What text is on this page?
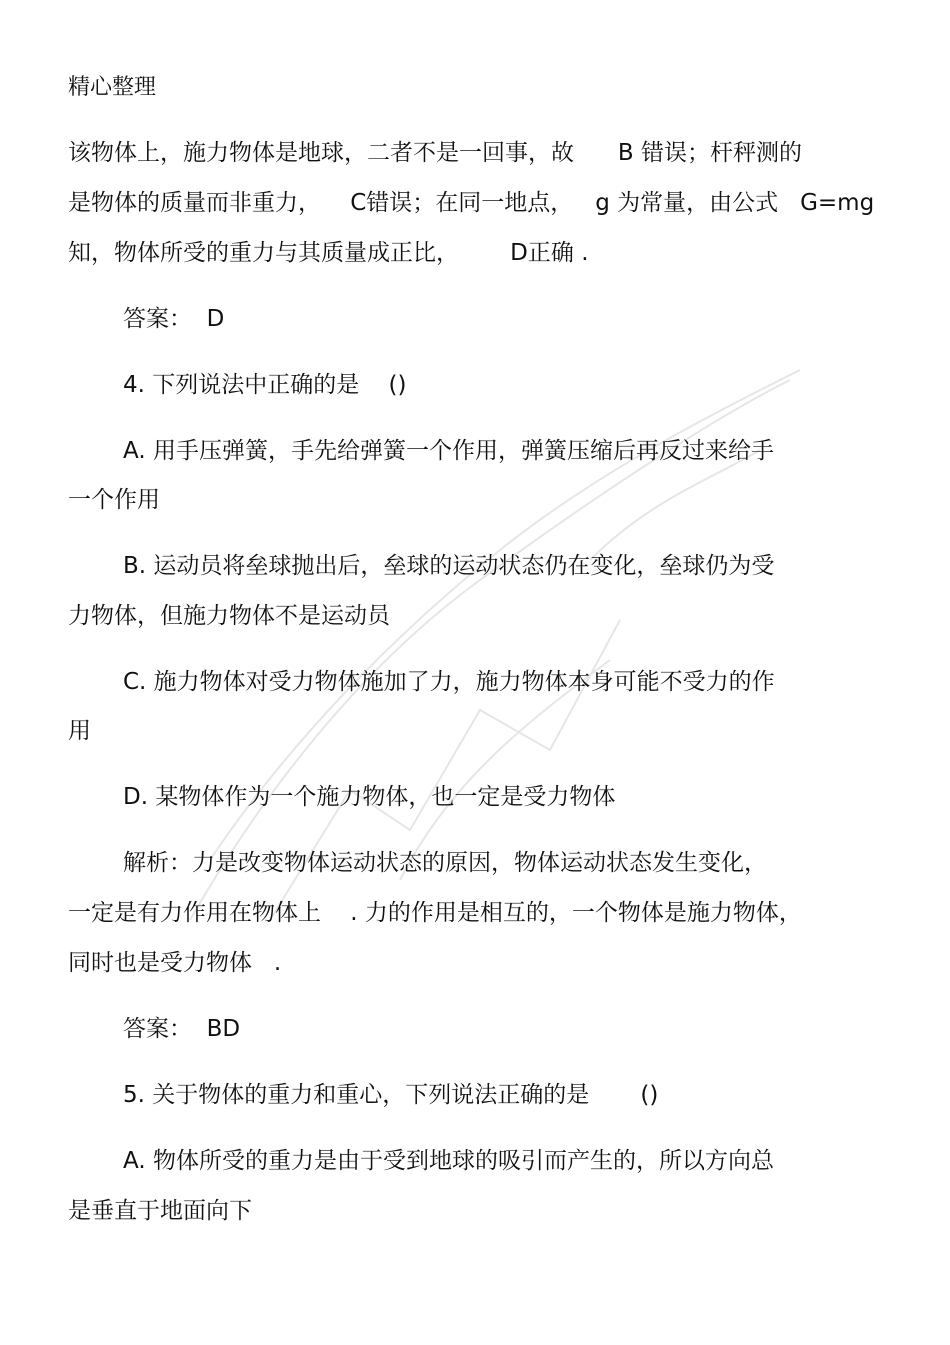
精心整理
该物体上，施力物体是地球，二者不是一回事，故      B 错误；杆秤测的
是物体的质量而非重力，    C错误；在同一地点，   g 为常量，由公式   G=mg
知，物体所受的重力与其质量成正比，       D正确 .
答案：  D
4. 下列说法中正确的是    ()
A. 用手压弹簧，手先给弹簧一个作用，弹簧压缩后再反过来给手
一个作用
B. 运动员将垒球抛出后，垒球的运动状态仍在变化，垒球仍为受
力物体，但施力物体不是运动员
C. 施力物体对受力物体施加了力，施力物体本身可能不受力的作
用
D. 某物体作为一个施力物体，也一定是受力物体
解析：力是改变物体运动状态的原因，物体运动状态发生变化，
一定是有力作用在物体上    . 力的作用是相互的，一个物体是施力物体，
同时也是受力物体   .
答案：  BD
5. 关于物体的重力和重心，下列说法正确的是       ()
A. 物体所受的重力是由于受到地球的吸引而产生的，所以方向总
是垂直于地面向下
